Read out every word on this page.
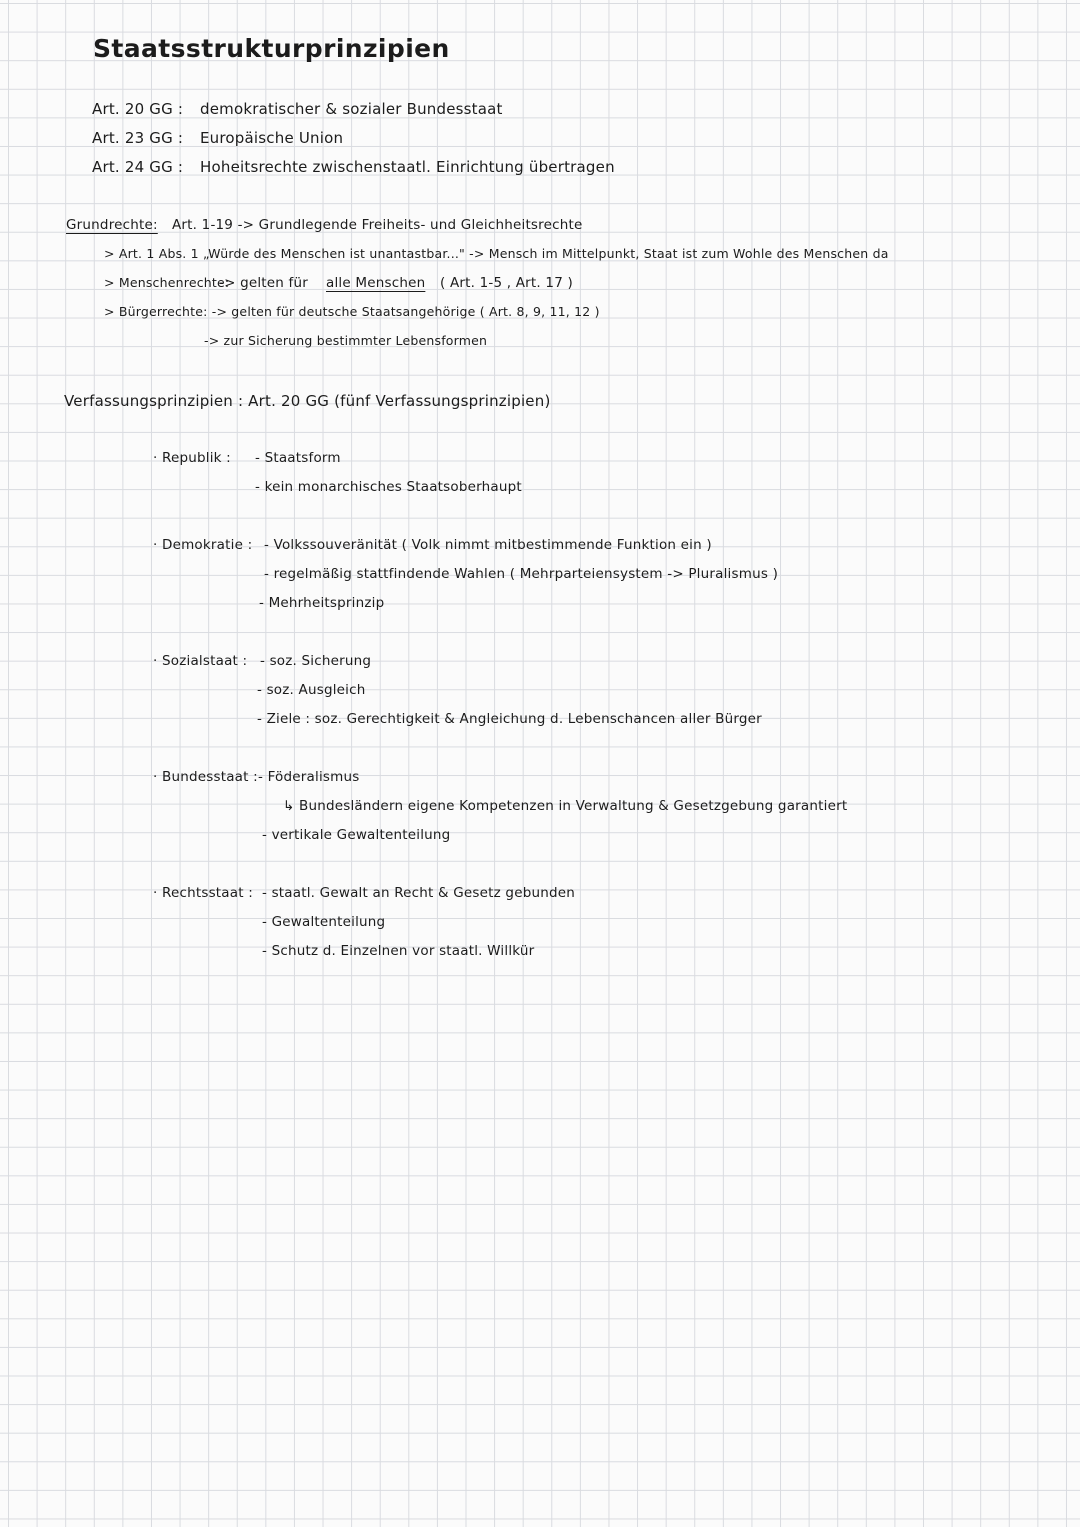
Staatsstrukturprinzipien
Art. 20 GG : demokratischer & sozialer Bundesstaat
Art. 23 GG : Europäische Union
Art. 24 GG : Hoheitsrechte zwischenstaatl. Einrichtung übertragen
Grundrechte: Art. 1-19 -> Grundlegende Freiheits- und Gleichheitsrechte
> Art. 1 Abs. 1 „Würde des Menschen ist unantastbar..." -> Mensch im Mittelpunkt, Staat ist zum Wohle des Menschen da
> Menschenrechte:
-> gelten für alle Menschen ( Art. 1-5 , Art. 17 )
> Bürgerrechte: -> gelten für deutsche Staatsangehörige ( Art. 8, 9, 11, 12 )
-> zur Sicherung bestimmter Lebensformen
Verfassungsprinzipien : Art. 20 GG (fünf Verfassungsprinzipien)
· Republik : - Staatsform
- kein monarchisches Staatsoberhaupt
· Demokratie : - Volkssouveränität ( Volk nimmt mitbestimmende Funktion ein )
- regelmäßig stattfindende Wahlen ( Mehrparteiensystem -> Pluralismus )
- Mehrheitsprinzip
· Sozialstaat : - soz. Sicherung
- soz. Ausgleich
- Ziele : soz. Gerechtigkeit & Angleichung d. Lebenschancen aller Bürger
· Bundesstaat : - Föderalismus
↳ Bundesländern eigene Kompetenzen in Verwaltung & Gesetzgebung garantiert
- vertikale Gewaltenteilung
· Rechtsstaat : - staatl. Gewalt an Recht & Gesetz gebunden
- Gewaltenteilung
- Schutz d. Einzelnen vor staatl. Willkür
